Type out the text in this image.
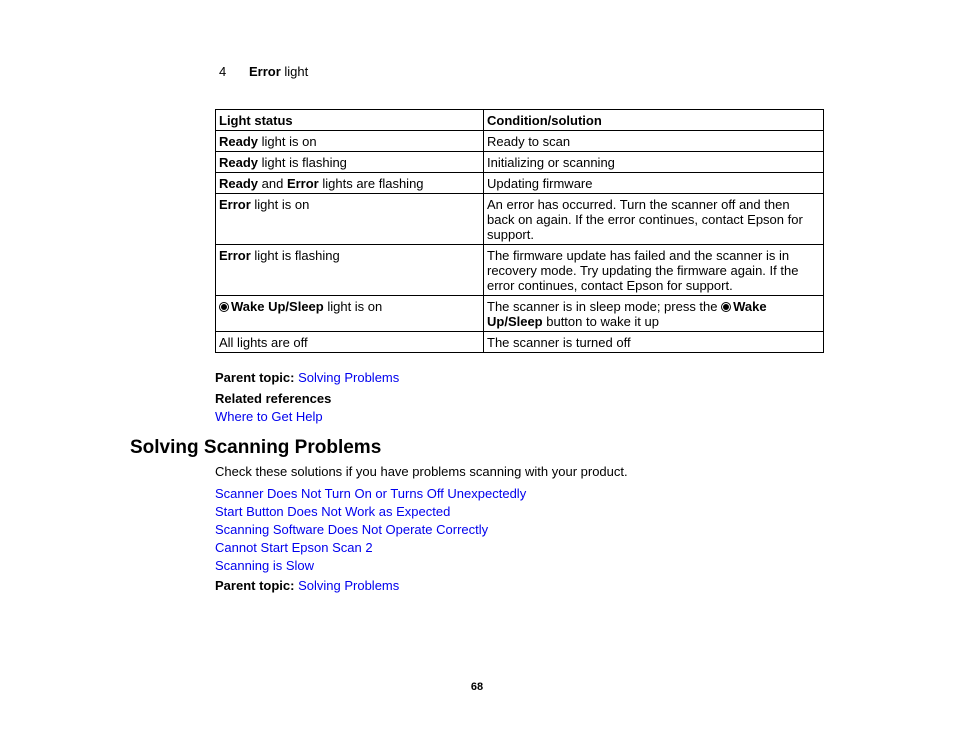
4 Error light
Light status	Condition/solution
Ready light is on	Ready to scan
Ready light is flashing	Initializing or scanning
Ready and Error lights are flashing	Updating firmware
Error light is on	An error has occurred. Turn the scanner off and then back on again. If the error continues, contact Epson for support.
Error light is flashing	The firmware update has failed and the scanner is in recovery mode. Try updating the firmware again. If the error continues, contact Epson for support.
Wake Up/Sleep light is on	The scanner is in sleep mode; press the Wake Up/Sleep button to wake it up
All lights are off	The scanner is turned off
Parent topic: Solving Problems
Related references
Where to Get Help
Solving Scanning Problems
Check these solutions if you have problems scanning with your product.
Scanner Does Not Turn On or Turns Off Unexpectedly
Start Button Does Not Work as Expected
Scanning Software Does Not Operate Correctly
Cannot Start Epson Scan 2
Scanning is Slow
Parent topic: Solving Problems
68
